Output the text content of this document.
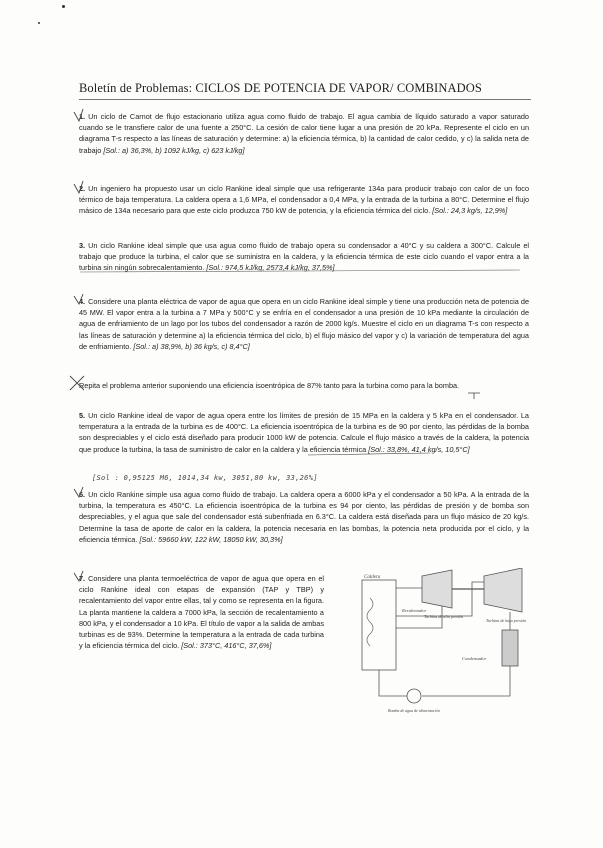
Boletín de Problemas: CICLOS DE POTENCIA DE VAPOR/ COMBINADOS
1. Un ciclo de Carnot de flujo estacionario utiliza agua como fluido de trabajo. El agua cambia de líquido saturado a vapor saturado cuando se le transfiere calor de una fuente a 250°C. La cesión de calor tiene lugar a una presión de 20 kPa. Represente el ciclo en un diagrama T-s respecto a las líneas de saturación y determine: a) la eficiencia térmica, b) la cantidad de calor cedido, y c) la salida neta de trabajo [Sol.: a) 36,3%, b) 1092 kJ/kg, c) 623 kJ/kg]
2. Un ingeniero ha propuesto usar un ciclo Rankine ideal simple que usa refrigerante 134a para producir trabajo con calor de un foco térmico de baja temperatura. La caldera opera a 1,6 MPa, el condensador a 0,4 MPa, y la entrada de la turbina a 80°C. Determine el flujo másico de 134a necesario para que este ciclo produzca 750 kW de potencia, y la eficiencia térmica del ciclo. [Sol.: 24,3 kg/s, 12,9%]
3. Un ciclo Rankine ideal simple que usa agua como fluido de trabajo opera su condensador a 40°C y su caldera a 300°C. Calcule el trabajo que produce la turbina, el calor que se suministra en la caldera, y la eficiencia térmica de este ciclo cuando el vapor entra a la turbina sin ningún sobrecalentamiento. [Sol.: 974,5 kJ/kg, 2573,4 kJ/kg, 37,5%]
4. Considere una planta eléctrica de vapor de agua que opera en un ciclo Rankine ideal simple y tiene una producción neta de potencia de 45 MW. El vapor entra a la turbina a 7 MPa y 500°C y se enfría en el condensador a una presión de 10 kPa mediante la circulación de agua de enfriamiento de un lago por los tubos del condensador a razón de 2000 kg/s. Muestre el ciclo en un diagrama T-s con respecto a las líneas de saturación y determine a) la eficiencia térmica del ciclo, b) el flujo másico del vapor y c) la variación de temperatura del agua de enfriamiento. [Sol.: a) 38,9%, b) 36 kg/s, c) 8,4°C]
Repita el problema anterior suponiendo una eficiencia isoentrópica de 87% tanto para la turbina como para la bomba.
5. Un ciclo Rankine ideal de vapor de agua opera entre los límites de presión de 15 MPa en la caldera y 5 kPa en el condensador. La temperatura a la entrada de la turbina es de 400°C. La eficiencia isoentrópica de la turbina es de 90 por ciento, las pérdidas de la bomba son despreciables y el ciclo está diseñado para producir 1000 kW de potencia. Calcule el flujo másico a través de la caldera, la potencia que produce la turbina, la tasa de suministro de calor en la caldera y la eficiencia térmica [Sol.: 33,8%, 41,4 kg/s, 10,5°C]
[Sol : 0,95125 M6, 1014,34 kw, 3051,80 kw, 33,26%]
6. Un ciclo Rankine simple usa agua como fluido de trabajo. La caldera opera a 6000 kPa y el condensador a 50 kPa. A la entrada de la turbina, la temperatura es 450°C. La eficiencia isoentrópica de la turbina es 94 por ciento, las pérdidas de presión y de bomba son despreciables, y el agua que sale del condensador está subenfriada en 6.3°C. La caldera está diseñada para un flujo másico de 20 kg/s. Determine la tasa de aporte de calor en la caldera, la potencia necesaria en las bombas, la potencia neta producida por el ciclo, y la eficiencia térmica. [Sol.: 59660 kW, 122 kW, 18050 kW, 30,3%]
7. Considere una planta termoeléctrica de vapor de agua que opera en el ciclo Rankine ideal con etapas de expansión (TAP y TBP) y recalentamiento del vapor entre ellas, tal y como se representa en la figura. La planta mantiene la caldera a 7000 kPa, la sección de recalentamiento a 800 kPa, y el condensador a 10 kPa. El título de vapor a la salida de ambas turbinas es de 93%. Determine la temperatura a la entrada de cada turbina y la eficiencia térmica del ciclo. [Sol.: 373°C, 416°C, 37,6%]
Caldera
Turbina de alta presión
Turbina de baja presión
Recalentador
Condensador
Bomba de agua de alimentación
